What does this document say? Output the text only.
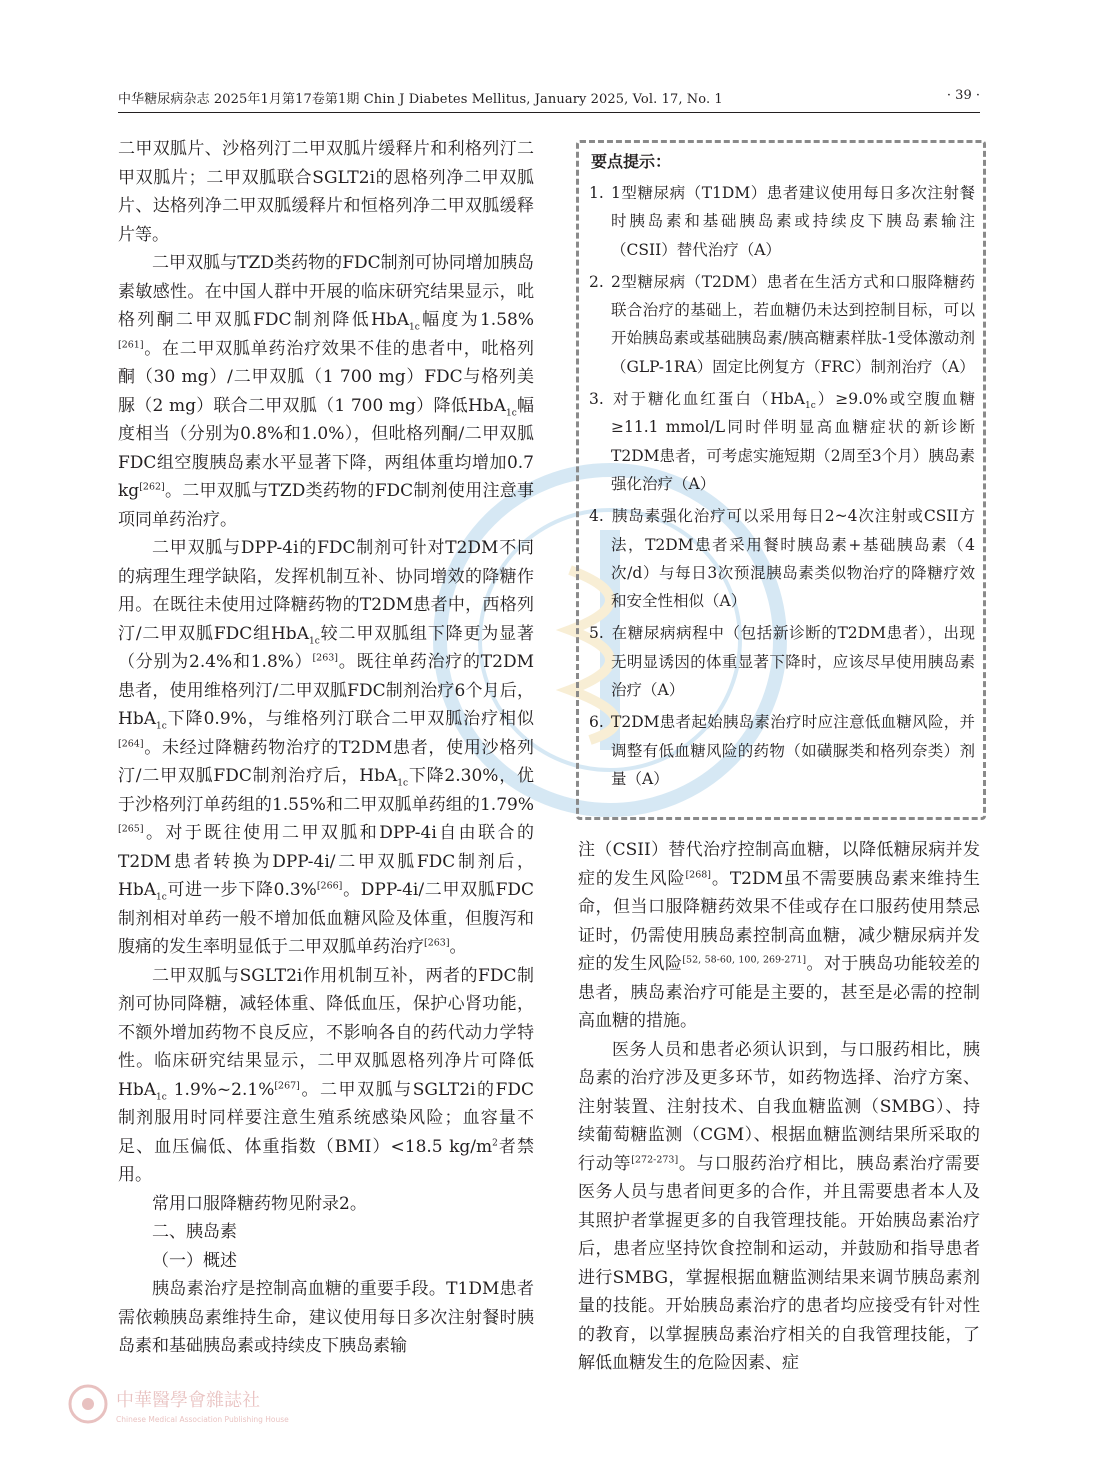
中华糖尿病杂志 2025年1月第17卷第1期 Chin J Diabetes Mellitus, January 2025, Vol. 17, No. 1	· 39 ·

二甲双胍片、沙格列汀二甲双胍片缓释片和利格列汀二甲双胍片；二甲双胍联合SGLT2i的恩格列净二甲双胍片、达格列净二甲双胍缓释片和恒格列净二甲双胍缓释片等。

二甲双胍与TZD类药物的FDC制剂可协同增加胰岛素敏感性。在中国人群中开展的临床研究结果显示，吡格列酮二甲双胍FDC制剂降低HbA$_{1c}$幅度为1.58%[261]。在二甲双胍单药治疗效果不佳的患者中，吡格列酮（30 mg）/二甲双胍（1 700 mg）FDC与格列美脲（2 mg）联合二甲双胍（1 700 mg）降低HbA$_{1c}$幅度相当（分别为0.8%和1.0%），但吡格列酮/二甲双胍FDC组空腹胰岛素水平显著下降，两组体重均增加0.7 kg[262]。二甲双胍与TZD类药物的FDC制剂使用注意事项同单药治疗。

二甲双胍与DPP-4i的FDC制剂可针对T2DM不同的病理生理学缺陷，发挥机制互补、协同增效的降糖作用。在既往未使用过降糖药物的T2DM患者中，西格列汀/二甲双胍FDC组HbA$_{1c}$较二甲双胍组下降更为显著（分别为2.4%和1.8%）[263]。既往单药治疗的T2DM患者，使用维格列汀/二甲双胍FDC制剂治疗6个月后，HbA$_{1c}$下降0.9%，与维格列汀联合二甲双胍治疗相似[264]。未经过降糖药物治疗的T2DM患者，使用沙格列汀/二甲双胍FDC制剂治疗后，HbA$_{1c}$下降2.30%，优于沙格列汀单药组的1.55%和二甲双胍单药组的1.79%[265]。对于既往使用二甲双胍和DPP-4i自由联合的T2DM患者转换为DPP-4i/二甲双胍FDC制剂后，HbA$_{1c}$可进一步下降0.3%[266]。DPP-4i/二甲双胍FDC制剂相对单药一般不增加低血糖风险及体重，但腹泻和腹痛的发生率明显低于二甲双胍单药治疗[263]。

二甲双胍与SGLT2i作用机制互补，两者的FDC制剂可协同降糖，减轻体重、降低血压，保护心肾功能，不额外增加药物不良反应，不影响各自的药代动力学特性。临床研究结果显示，二甲双胍恩格列净片可降低HbA$_{1c}$ 1.9%~2.1%[267]。二甲双胍与SGLT2i的FDC制剂服用时同样要注意生殖系统感染风险；血容量不足、血压偏低、体重指数（BMI）<18.5 $kg/m^2$者禁用。

常用口服降糖药物见附录2。

二、胰岛素

（一）概述

胰岛素治疗是控制高血糖的重要手段。T1DM患者需依赖胰岛素维持生命，建议使用每日多次注射餐时胰岛素和基础胰岛素或持续皮下胰岛素输

要点提示：
1. 1型糖尿病（T1DM）患者建议使用每日多次注射餐时胰岛素和基础胰岛素或持续皮下胰岛素输注（CSII）替代治疗（A）
2. 2型糖尿病（T2DM）患者在生活方式和口服降糖药联合治疗的基础上，若血糖仍未达到控制目标，可以开始胰岛素或基础胰岛素/胰高糖素样肽-1受体激动剂（GLP-1RA）固定比例复方（FRC）制剂治疗（A）
3. 对于糖化血红蛋白（HbA$_{1c}$）≥9.0%或空腹血糖≥11.1 mmol/L同时伴明显高血糖症状的新诊断T2DM患者，可考虑实施短期（2周至3个月）胰岛素强化治疗（A）
4. 胰岛素强化治疗可以采用每日2~4次注射或CSII方法，T2DM患者采用餐时胰岛素+基础胰岛素（4次/d）与每日3次预混胰岛素类似物治疗的降糖疗效和安全性相似（A）
5. 在糖尿病病程中（包括新诊断的T2DM患者），出现无明显诱因的体重显著下降时，应该尽早使用胰岛素治疗（A）
6. T2DM患者起始胰岛素治疗时应注意低血糖风险，并调整有低血糖风险的药物（如磺脲类和格列奈类）剂量（A）

注（CSII）替代治疗控制高血糖，以降低糖尿病并发症的发生风险[268]。T2DM虽不需要胰岛素来维持生命，但当口服降糖药效果不佳或存在口服药使用禁忌证时，仍需使用胰岛素控制高血糖，减少糖尿病并发症的发生风险[52, 58-60, 100, 269-271]。对于胰岛功能较差的患者，胰岛素治疗可能是主要的，甚至是必需的控制高血糖的措施。

医务人员和患者必须认识到，与口服药相比，胰岛素的治疗涉及更多环节，如药物选择、治疗方案、注射装置、注射技术、自我血糖监测（SMBG）、持续葡萄糖监测（CGM）、根据血糖监测结果所采取的行动等[272-273]。与口服药治疗相比，胰岛素治疗需要医务人员与患者间更多的合作，并且需要患者本人及其照护者掌握更多的自我管理技能。开始胰岛素治疗后，患者应坚持饮食控制和运动，并鼓励和指导患者进行SMBG，掌握根据血糖监测结果来调节胰岛素剂量的技能。开始胰岛素治疗的患者均应接受有针对性的教育，以掌握胰岛素治疗相关的自我管理技能，了解低血糖发生的危险因素、症

中華醫學會雜誌社
Chinese Medical Association Publishing House
